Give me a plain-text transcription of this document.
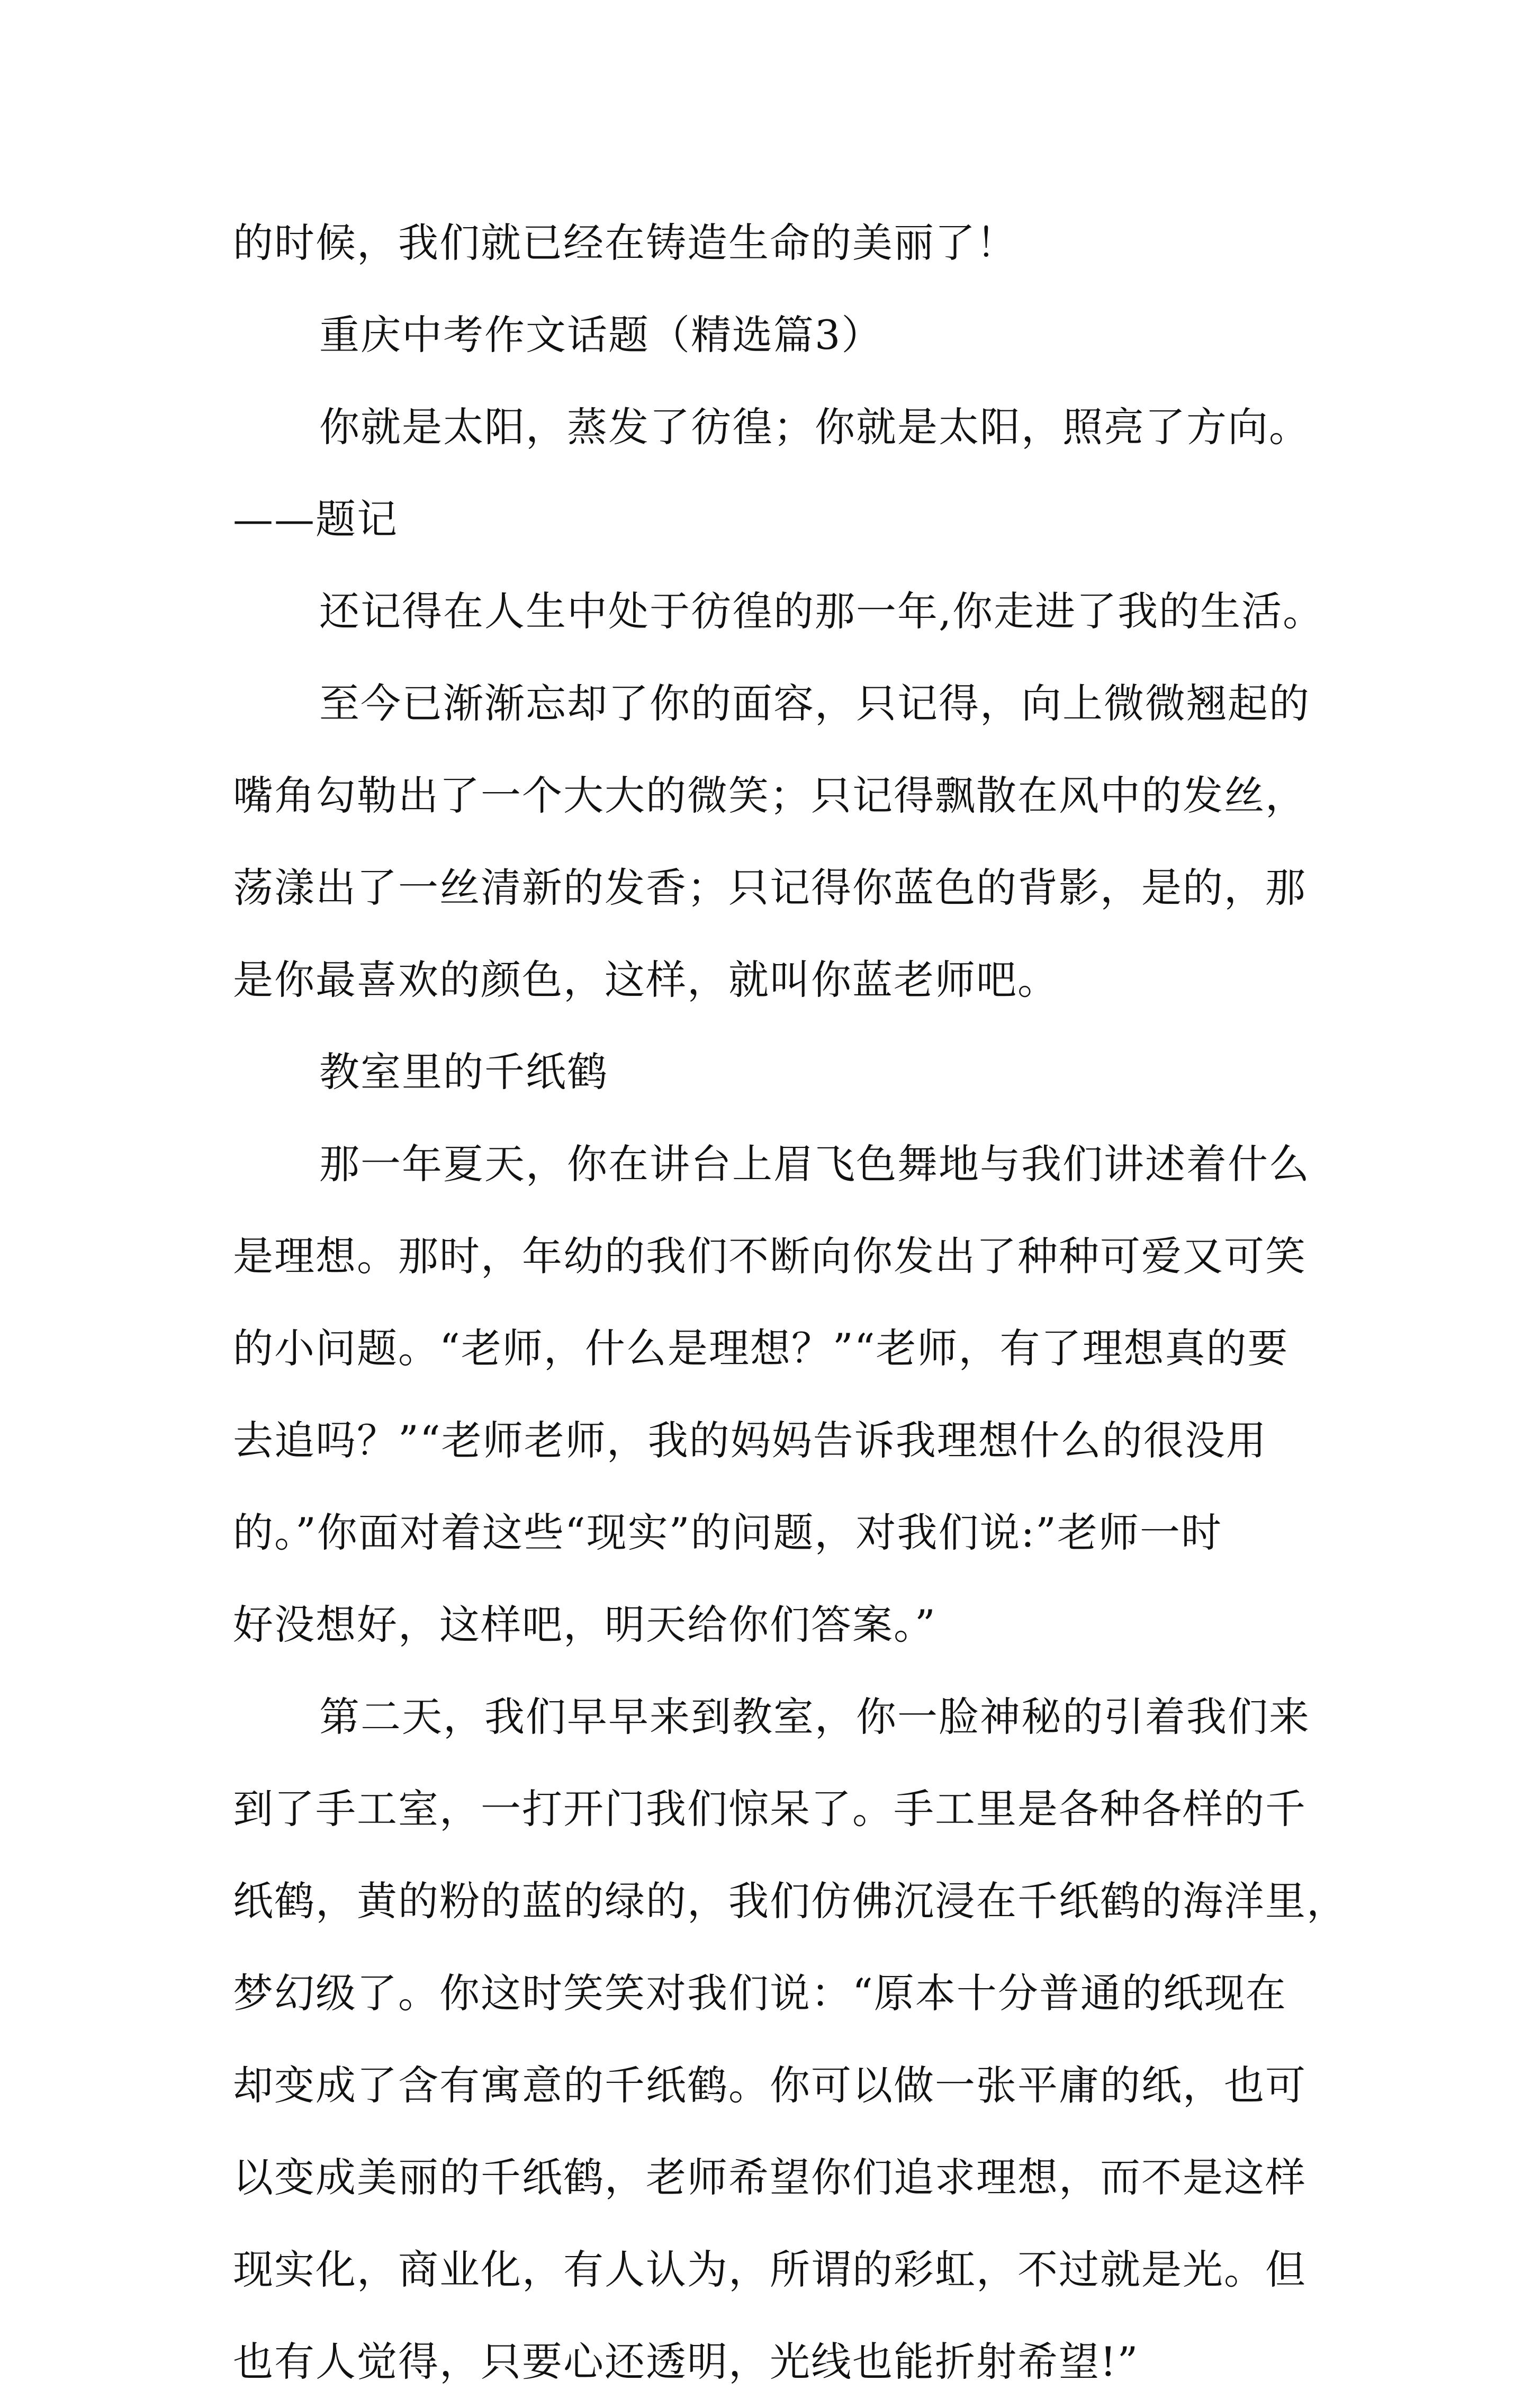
的时候，我们就已经在铸造生命的美丽了！
重庆中考作文话题（精选篇3）
你就是太阳，蒸发了彷徨；你就是太阳，照亮了方向。
——题记
还记得在人生中处于彷徨的那一年,你走进了我的生活。
至今已渐渐忘却了你的面容，只记得，向上微微翘起的
嘴角勾勒出了一个大大的微笑；只记得飘散在风中的发丝，
荡漾出了一丝清新的发香；只记得你蓝色的背影，是的，那
是你最喜欢的颜色，这样，就叫你蓝老师吧。
教室里的千纸鹤
那一年夏天，你在讲台上眉飞色舞地与我们讲述着什么
是理想。那时，年幼的我们不断向你发出了种种可爱又可笑
的小问题。“老师，什么是理想？”“老师，有了理想真的要
去追吗？”“老师老师，我的妈妈告诉我理想什么的很没用
的。”你面对着这些“现实”的问题，对我们说:”老师一时
好没想好，这样吧，明天给你们答案。”
第二天，我们早早来到教室，你一脸神秘的引着我们来
到了手工室，一打开门我们惊呆了。手工里是各种各样的千
纸鹤，黄的粉的蓝的绿的，我们仿佛沉浸在千纸鹤的海洋里，
梦幻级了。你这时笑笑对我们说：“原本十分普通的纸现在
却变成了含有寓意的千纸鹤。你可以做一张平庸的纸，也可
以变成美丽的千纸鹤，老师希望你们追求理想，而不是这样
现实化，商业化，有人认为，所谓的彩虹，不过就是光。但
也有人觉得，只要心还透明，光线也能折射希望!”
